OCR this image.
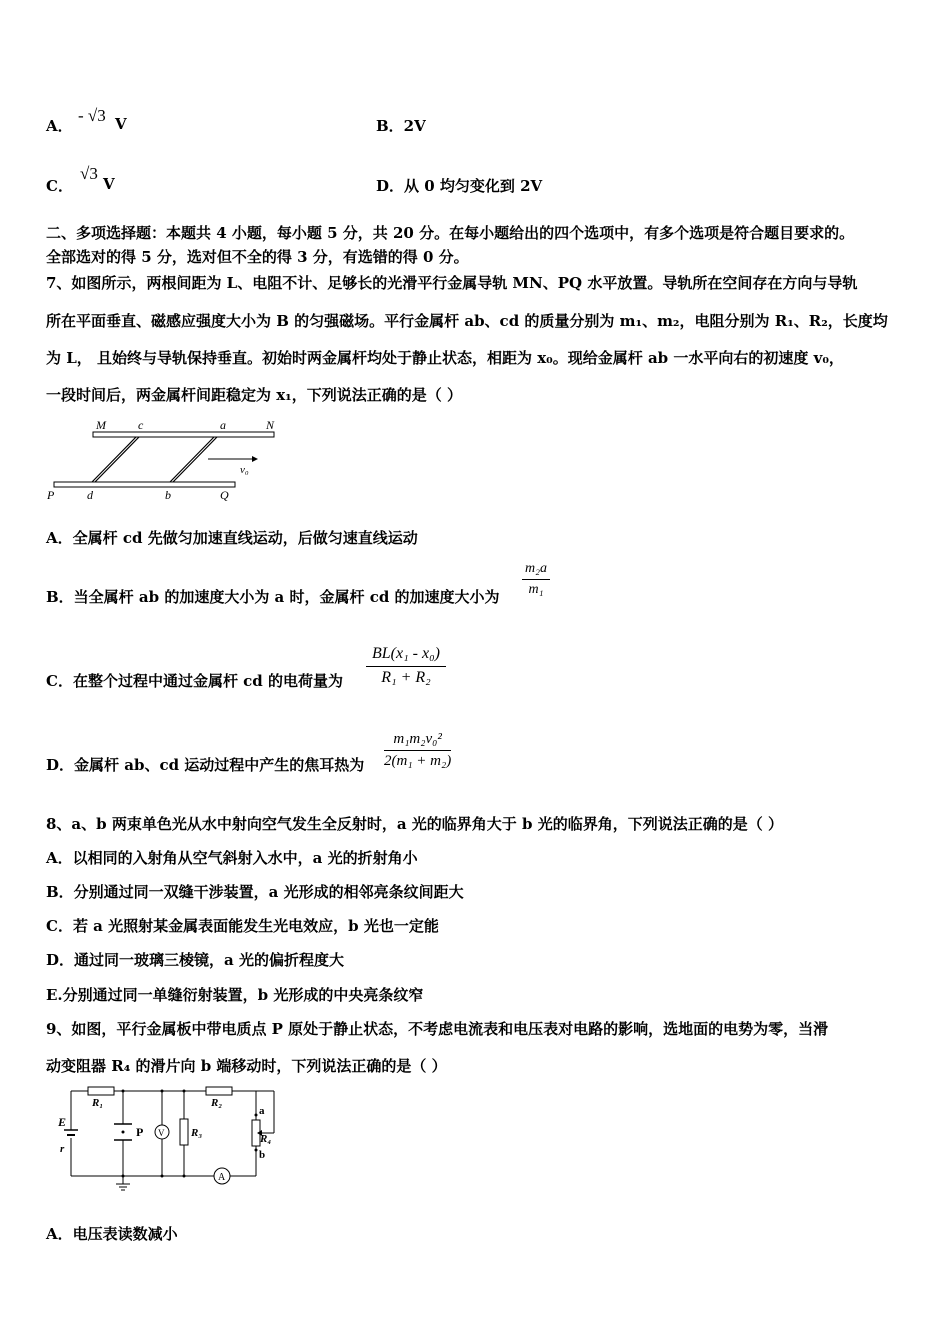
A．
- √3 V	B．2V
C．
√3
V	D．从 0 均匀变化到 2V
二、多项选择题：本题共 4 小题，每小题 5 分，共 20 分。在每小题给出的四个选项中，有多个选项是符合题目要求的。
全部选对的得 5 分，选对但不全的得 3 分，有选错的得 0 分。
7、如图所示，两根间距为 L、电阻不计、足够长的光滑平行金属导轨 MN、PQ 水平放置。导轨所在空间存在方向与导轨
所在平面垂直、磁感应强度大小为 B 的匀强磁场。平行金属杆 ab、cd 的质量分别为 m₁、m₂，电阻分别为 R₁、R₂，长度均
为 L， 且始终与导轨保持垂直。初始时两金属杆均处于静止状态，相距为 x₀。现给金属杆 ab 一水平向右的初速度 v₀，
一段时间后，两金属杆间距稳定为 x₁，下列说法正确的是（ ）
M	c	a	N
v₀
P	d	b	Q
A．全属杆 cd 先做匀加速直线运动，后做匀速直线运动
B．当全属杆 ab 的加速度大小为 a 时，金属杆 cd 的加速度大小为 $\frac{\text{m₂a}}{\text{m₁}}$
C．在整个过程中通过金属杆 cd 的电荷量为 $\frac{\text{BL(x₁ - x₀)}}{\text{R₁ + R₂}}$
D．金属杆 ab、cd 运动过程中产生的焦耳热为 $\frac{\text{m₁m₂v₀²}}{\text{2(m₁ + m₂)}}$
8、a、b 两束单色光从水中射向空气发生全反射时，a 光的临界角大于 b 光的临界角，下列说法正确的是（ ）
A．以相同的入射角从空气斜射入水中，a 光的折射角小
B．分别通过同一双缝干涉装置，a 光形成的相邻亮条纹间距大
C．若 a 光照射某金属表面能发生光电效应，b 光也一定能
D．通过同一玻璃三棱镜，a 光的偏折程度大
E.分别通过同一单缝衍射装置，b 光形成的中央亮条纹窄
9、如图，平行金属板中带电质点 P 原处于静止状态，不考虑电流表和电压表对电路的影响，选地面的电势为零，当滑
动变阻器 R₄ 的滑片向 b 端移动时，下列说法正确的是（ ）
R₁	R₂
R₃	R₄
E
r
P V
A
a
b
A．电压表读数减小
